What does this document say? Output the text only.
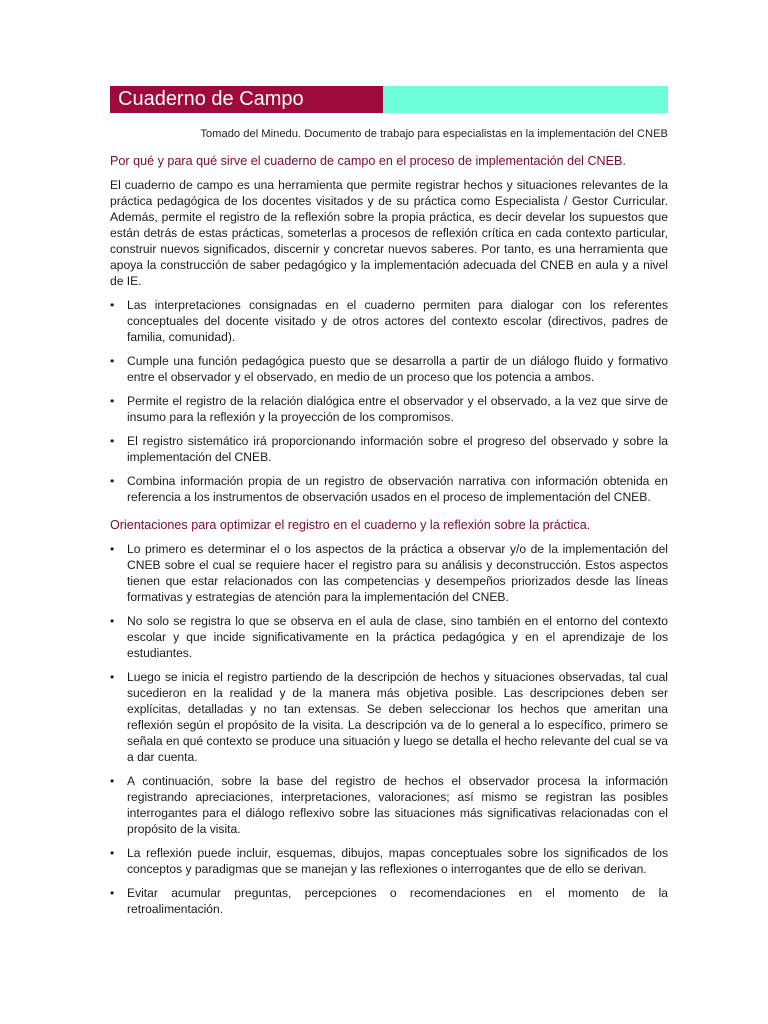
Cuaderno de Campo
Tomado del Minedu. Documento de trabajo para especialistas en la implementación del CNEB
Por qué y para qué sirve el cuaderno de campo en el proceso de implementación del CNEB.

El cuaderno de campo es una herramienta que permite registrar hechos y situaciones relevantes de la práctica pedagógica de los docentes visitados y de su práctica como Especialista / Gestor Curricular. Además, permite el registro de la reflexión sobre la propia práctica, es decir develar los supuestos que están detrás de estas prácticas, someterlas a procesos de reflexión crítica en cada contexto particular, construir nuevos significados, discernir y concretar nuevos saberes. Por tanto, es una herramienta que apoya la construcción de saber pedagógico y la implementación adecuada del CNEB en aula y a nivel de IE.

• Las interpretaciones consignadas en el cuaderno permiten para dialogar con los referentes conceptuales del docente visitado y de otros actores del contexto escolar (directivos, padres de familia, comunidad).
• Cumple una función pedagógica puesto que se desarrolla a partir de un diálogo fluido y formativo entre el observador y el observado, en medio de un proceso que los potencia a ambos.
• Permite el registro de la relación dialógica entre el observador y el observado, a la vez que sirve de insumo para la reflexión y la proyección de los compromisos.
• El registro sistemático irá proporcionando información sobre el progreso del observado y sobre la implementación del CNEB.
• Combina información propia de un registro de observación narrativa con información obtenida en referencia a los instrumentos de observación usados en el proceso de implementación del CNEB.
Orientaciones para optimizar el registro en el cuaderno y la reflexión sobre la práctica.
• Lo primero es determinar el o los aspectos de la práctica a observar y/o de la implementación del CNEB sobre el cual se requiere hacer el registro para su análisis y deconstrucción. Estos aspectos tienen que estar relacionados con las competencias y desempeños priorizados desde las líneas formativas y estrategias de atención para la implementación del CNEB.
• No solo se registra lo que se observa en el aula de clase, sino también en el entorno del contexto escolar y que incide significativamente en la práctica pedagógica y en el aprendizaje de los estudiantes.
• Luego se inicia el registro partiendo de la descripción de hechos y situaciones observadas, tal cual sucedieron en la realidad y de la manera más objetiva posible. Las descripciones deben ser explícitas, detalladas y no tan extensas. Se deben seleccionar los hechos que ameritan una reflexión según el propósito de la visita. La descripción va de lo general a lo específico, primero se señala en qué contexto se produce una situación y luego se detalla el hecho relevante del cual se va a dar cuenta.
• A continuación, sobre la base del registro de hechos el observador procesa la información registrando apreciaciones, interpretaciones, valoraciones; así mismo se registran las posibles interrogantes para el diálogo reflexivo sobre las situaciones más significativas relacionadas con el propósito de la visita.
• La reflexión puede incluir, esquemas, dibujos, mapas conceptuales sobre los significados de los conceptos y paradigmas que se manejan y las reflexiones o interrogantes que de ello se derivan.
• Evitar acumular preguntas, percepciones o recomendaciones en el momento de la retroalimentación.
